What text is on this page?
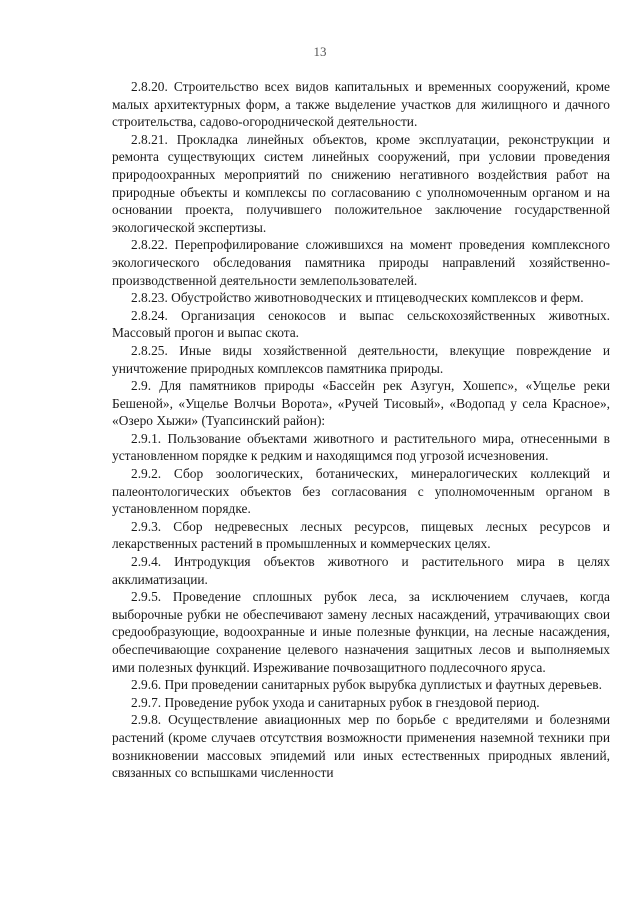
13

2.8.20. Строительство всех видов капитальных и временных сооружений, кроме малых архитектурных форм, а также выделение участков для жилищного и дачного строительства, садово-огороднической деятельности.

2.8.21. Прокладка линейных объектов, кроме эксплуатации, реконструкции и ремонта существующих систем линейных сооружений, при условии проведения природоохранных мероприятий по снижению негативного воздействия работ на природные объекты и комплексы по согласованию с уполномоченным органом и на основании проекта, получившего положительное заключение государственной экологической экспертизы.

2.8.22. Перепрофилирование сложившихся на момент проведения комплексного экологического обследования памятника природы направлений хозяйственно-производственной деятельности землепользователей.

2.8.23. Обустройство животноводческих и птицеводческих комплексов и ферм.

2.8.24. Организация сенокосов и выпас сельскохозяйственных животных. Массовый прогон и выпас скота.

2.8.25. Иные виды хозяйственной деятельности, влекущие повреждение и уничтожение природных комплексов памятника природы.

2.9. Для памятников природы «Бассейн рек Азугун, Хошепс», «Ущелье реки Бешеной», «Ущелье Волчьи Ворота», «Ручей Тисовый», «Водопад у села Красное», «Озеро Хыжи» (Туапсинский район):

2.9.1. Пользование объектами животного и растительного мира, отнесенными в установленном порядке к редким и находящимся под угрозой исчезновения.

2.9.2. Сбор зоологических, ботанических, минералогических коллекций и палеонтологических объектов без согласования с уполномоченным органом в установленном порядке.

2.9.3. Сбор недревесных лесных ресурсов, пищевых лесных ресурсов и лекарственных растений в промышленных и коммерческих целях.

2.9.4. Интродукция объектов животного и растительного мира в целях акклиматизации.

2.9.5. Проведение сплошных рубок леса, за исключением случаев, когда выборочные рубки не обеспечивают замену лесных насаждений, утрачивающих свои средообразующие, водоохранные и иные полезные функции, на лесные насаждения, обеспечивающие сохранение целевого назначения защитных лесов и выполняемых ими полезных функций. Изреживание почвозащитного подлесочного яруса.

2.9.6. При проведении санитарных рубок вырубка дуплистых и фаутных деревьев.

2.9.7. Проведение рубок ухода и санитарных рубок в гнездовой период.

2.9.8. Осуществление авиационных мер по борьбе с вредителями и болезнями растений (кроме случаев отсутствия возможности применения наземной техники при возникновении массовых эпидемий или иных естественных природных явлений, связанных со вспышками численности
